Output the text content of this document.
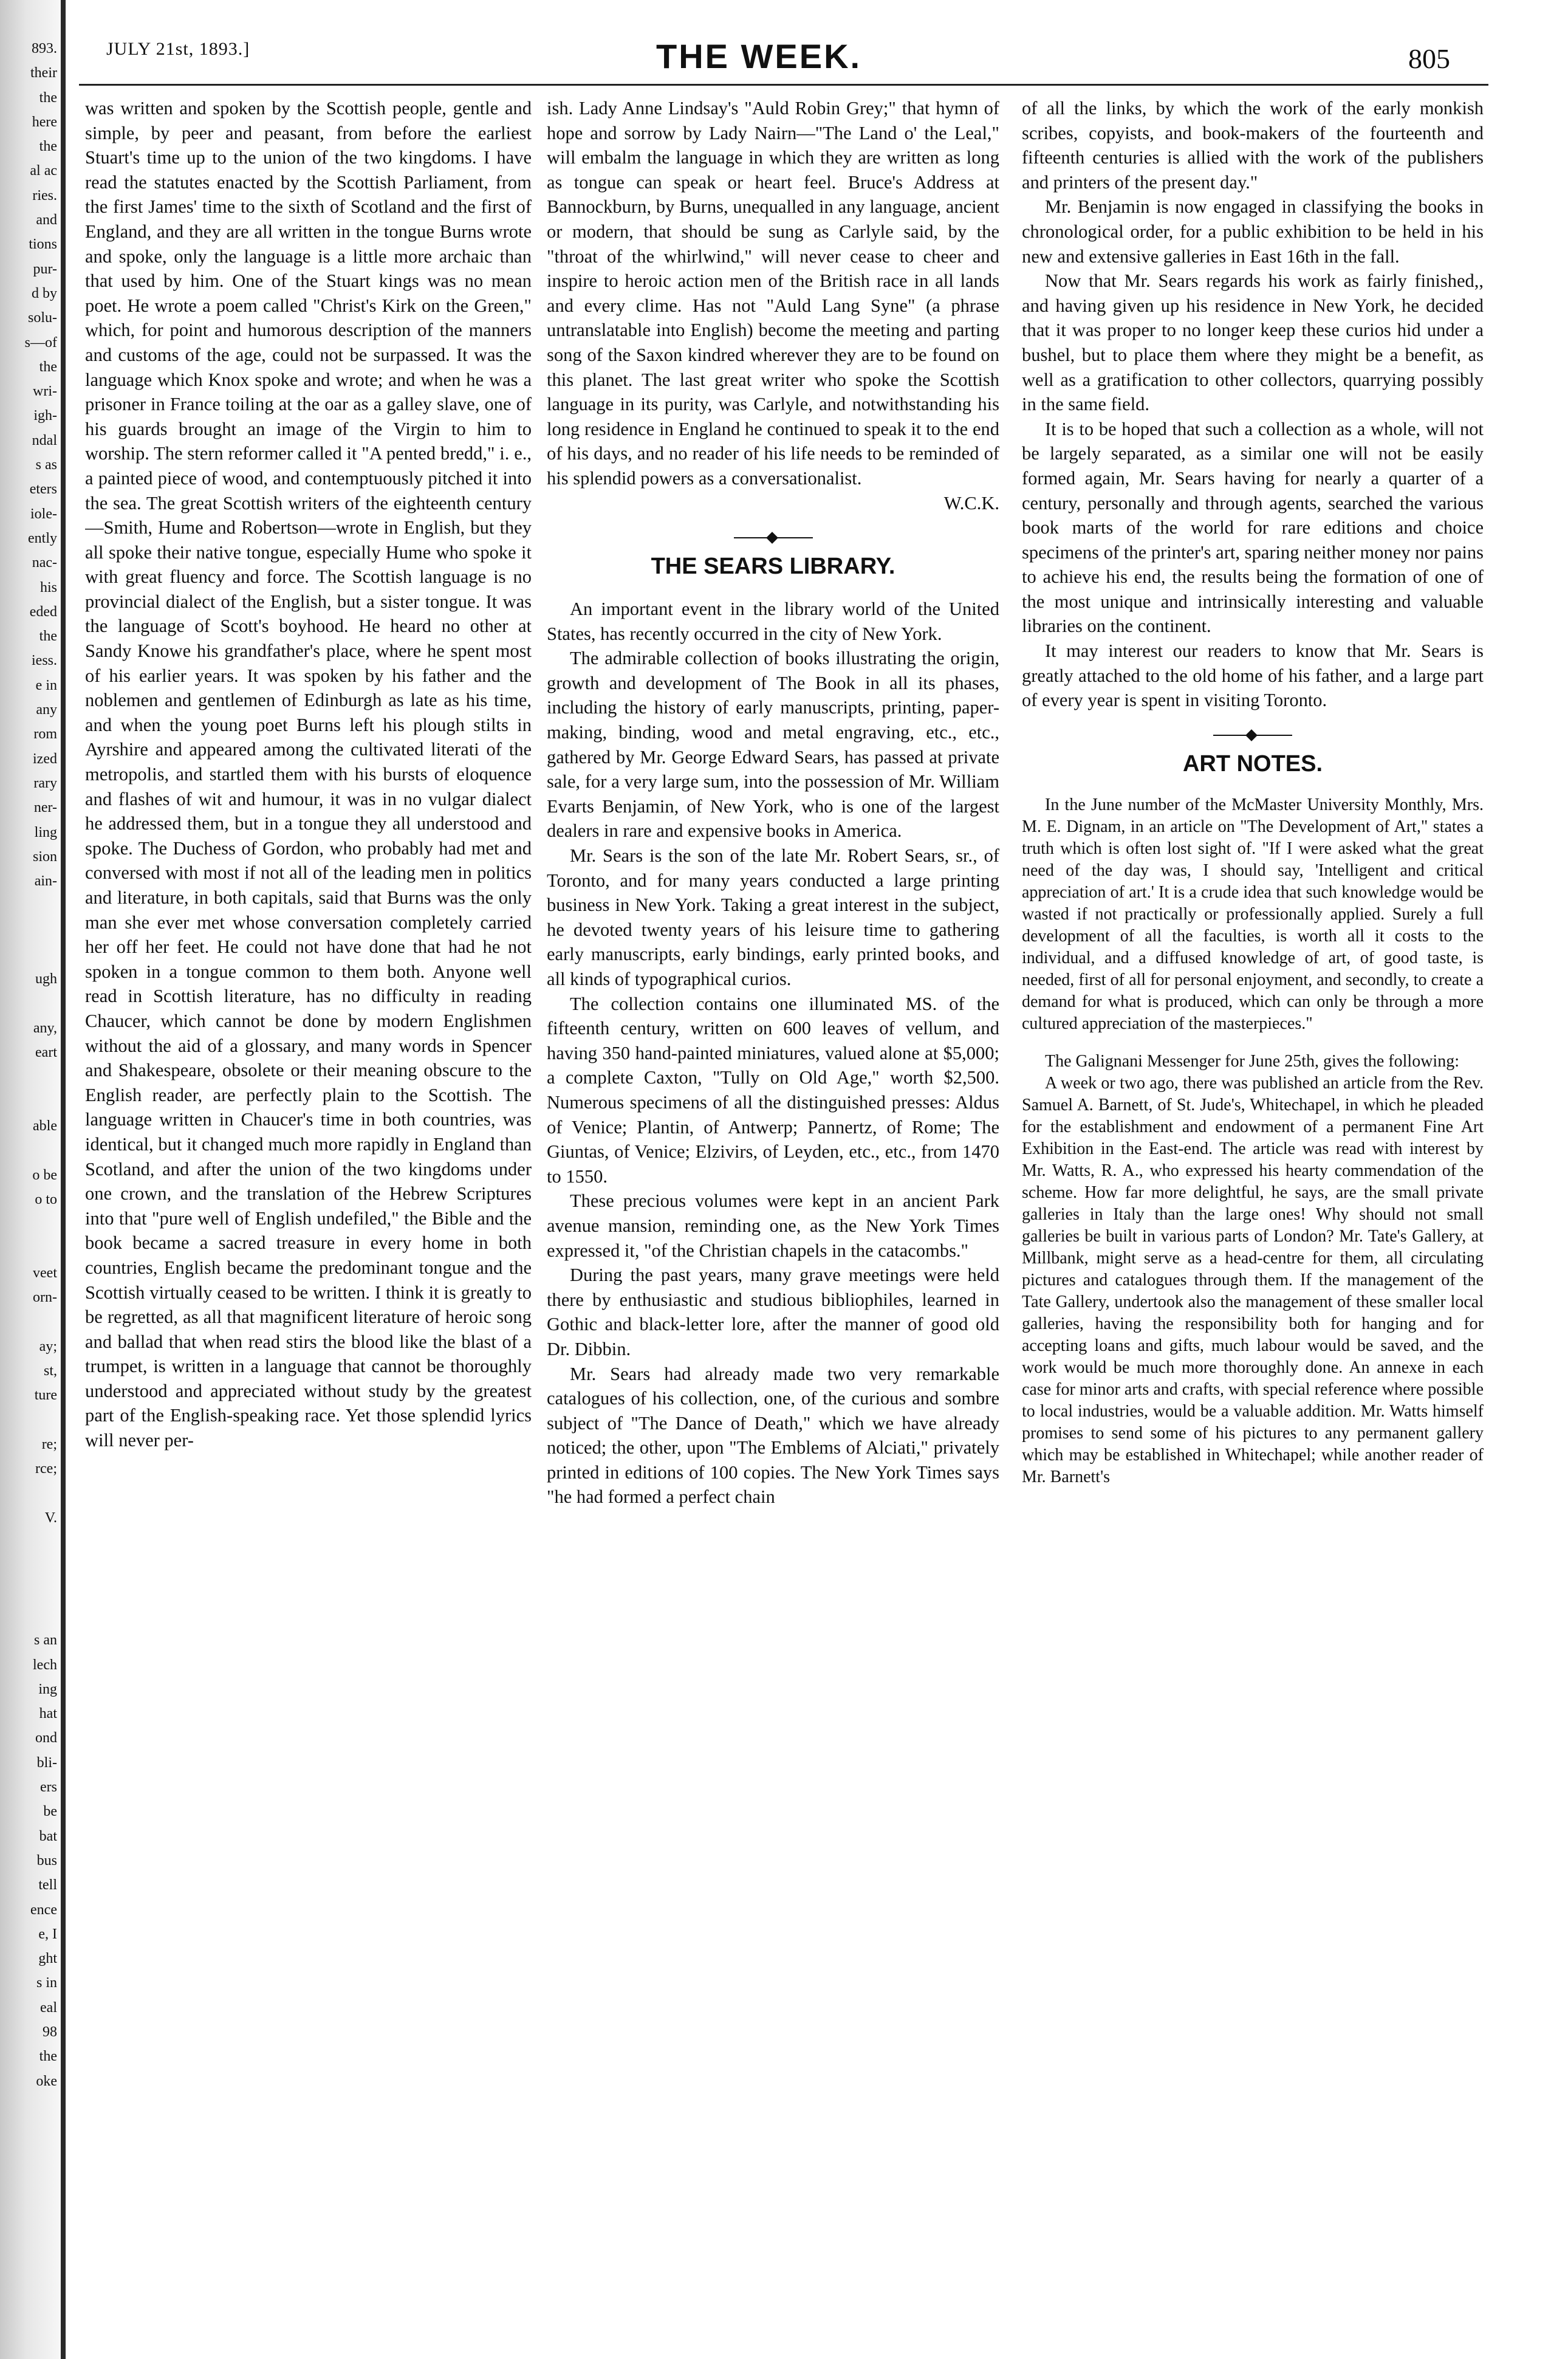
893.
their
the
here
the
al ac
ries.
and
tions
pur-
d by
solu-
s—of
the
wri-
igh-
ndal
s as
eters
iole-
ently
nac-
his
eded
the
iess.
e in
any
rom
ized
rary
ner-
ling
sion
ain-
ugh
any,
eart
able
o be
o to
veet
orn-
ay;
st,
ture
re;
rce;
V.
s an
lech
ing
hat
ond
bli-
ers
be
bat
bus
tell
ence
e, I
ght
s in
eal
98
the
oke
JULY 21st, 1893.]	THE WEEK.	805

was written and spoken by the Scottish people, gentle and simple, by peer and peasant, from before the earliest Stuart's time up to the union of the two kingdoms. I have read the statutes enacted by the Scottish Parliament, from the first James' time to the sixth of Scotland and the first of England, and they are all written in the tongue Burns wrote and spoke, only the language is a little more archaic than that used by him. One of the Stuart kings was no mean poet. He wrote a poem called "Christ's Kirk on the Green," which, for point and humorous description of the manners and customs of the age, could not be surpassed. It was the language which Knox spoke and wrote; and when he was a prisoner in France toiling at the oar as a galley slave, one of his guards brought an image of the Virgin to him to worship. The stern reformer called it "A pented bredd," i. e., a painted piece of wood, and contemptuously pitched it into the sea. The great Scottish writers of the eighteenth century—Smith, Hume and Robertson—wrote in English, but they all spoke their native tongue, especially Hume who spoke it with great fluency and force. The Scottish language is no provincial dialect of the English, but a sister tongue. It was the language of Scott's boyhood. He heard no other at Sandy Knowe his grandfather's place, where he spent most of his earlier years. It was spoken by his father and the noblemen and gentlemen of Edinburgh as late as his time, and when the young poet Burns left his plough stilts in Ayrshire and appeared among the cultivated literati of the metropolis, and startled them with his bursts of eloquence and flashes of wit and humour, it was in no vulgar dialect he addressed them, but in a tongue they all understood and spoke. The Duchess of Gordon, who probably had met and conversed with most if not all of the leading men in politics and literature, in both capitals, said that Burns was the only man she ever met whose conversation completely carried her off her feet. He could not have done that had he not spoken in a tongue common to them both. Anyone well read in Scottish literature, has no difficulty in reading Chaucer, which cannot be done by modern Englishmen without the aid of a glossary, and many words in Spencer and Shakespeare, obsolete or their meaning obscure to the English reader, are perfectly plain to the Scottish. The language written in Chaucer's time in both countries, was identical, but it changed much more rapidly in England than Scotland, and after the union of the two kingdoms under one crown, and the translation of the Hebrew Scriptures into that "pure well of English undefiled," the Bible and the book became a sacred treasure in every home in both countries, English became the predominant tongue and the Scottish virtually ceased to be written. I think it is greatly to be regretted, as all that magnificent literature of heroic song and ballad that when read stirs the blood like the blast of a trumpet, is written in a language that cannot be thoroughly understood and appreciated without study by the greatest part of the English-speaking race. Yet those splendid lyrics will never per-

ish. Lady Anne Lindsay's "Auld Robin Grey;" that hymn of hope and sorrow by Lady Nairn—"The Land o' the Leal," will embalm the language in which they are written as long as tongue can speak or heart feel. Bruce's Address at Bannockburn, by Burns, unequalled in any language, ancient or modern, that should be sung as Carlyle said, by the "throat of the whirlwind," will never cease to cheer and inspire to heroic action men of the British race in all lands and every clime. Has not "Auld Lang Syne" (a phrase untranslatable into English) become the meeting and parting song of the Saxon kindred wherever they are to be found on this planet. The last great writer who spoke the Scottish language in its purity, was Carlyle, and notwithstanding his long residence in England he continued to speak it to the end of his days, and no reader of his life needs to be reminded of his splendid powers as a conversationalist.

W.C.K.

THE SEARS LIBRARY.

An important event in the library world of the United States, has recently occurred in the city of New York.

The admirable collection of books illustrating the origin, growth and development of The Book in all its phases, including the history of early manuscripts, printing, paper-making, binding, wood and metal engraving, etc., etc., gathered by Mr. George Edward Sears, has passed at private sale, for a very large sum, into the possession of Mr. William Evarts Benjamin, of New York, who is one of the largest dealers in rare and expensive books in America.

Mr. Sears is the son of the late Mr. Robert Sears, sr., of Toronto, and for many years conducted a large printing business in New York. Taking a great interest in the subject, he devoted twenty years of his leisure time to gathering early manuscripts, early bindings, early printed books, and all kinds of typographical curios.

The collection contains one illuminated MS. of the fifteenth century, written on 600 leaves of vellum, and having 350 hand-painted miniatures, valued alone at $5,000; a complete Caxton, "Tully on Old Age," worth $2,500. Numerous specimens of all the distinguished presses: Aldus of Venice; Plantin, of Antwerp; Pannertz, of Rome; The Giuntas, of Venice; Elzivirs, of Leyden, etc., etc., from 1470 to 1550.

These precious volumes were kept in an ancient Park avenue mansion, reminding one, as the New York Times expressed it, "of the Christian chapels in the catacombs."

During the past years, many grave meetings were held there by enthusiastic and studious bibliophiles, learned in Gothic and black-letter lore, after the manner of good old Dr. Dibbin.

Mr. Sears had already made two very remarkable catalogues of his collection, one, of the curious and sombre subject of "The Dance of Death," which we have already noticed; the other, upon "The Emblems of Alciati," privately printed in editions of 100 copies. The New York Times says "he had formed a perfect chain

of all the links, by which the work of the early monkish scribes, copyists, and book-makers of the fourteenth and fifteenth centuries is allied with the work of the publishers and printers of the present day."

Mr. Benjamin is now engaged in classifying the books in chronological order, for a public exhibition to be held in his new and extensive galleries in East 16th in the fall.

Now that Mr. Sears regards his work as fairly finished,, and having given up his residence in New York, he decided that it was proper to no longer keep these curios hid under a bushel, but to place them where they might be a benefit, as well as a gratification to other collectors, quarrying possibly in the same field.

It is to be hoped that such a collection as a whole, will not be largely separated, as a similar one will not be easily formed again, Mr. Sears having for nearly a quarter of a century, personally and through agents, searched the various book marts of the world for rare editions and choice specimens of the printer's art, sparing neither money nor pains to achieve his end, the results being the formation of one of the most unique and intrinsically interesting and valuable libraries on the continent.

It may interest our readers to know that Mr. Sears is greatly attached to the old home of his father, and a large part of every year is spent in visiting Toronto.

ART NOTES.

In the June number of the McMaster University Monthly, Mrs. M. E. Dignam, in an article on "The Development of Art," states a truth which is often lost sight of. "If I were asked what the great need of the day was, I should say, 'Intelligent and critical appreciation of art.' It is a crude idea that such knowledge would be wasted if not practically or professionally applied. Surely a full development of all the faculties, is worth all it costs to the individual, and a diffused knowledge of art, of good taste, is needed, first of all for personal enjoyment, and secondly, to create a demand for what is produced, which can only be through a more cultured appreciation of the masterpieces."

The Galignani Messenger for June 25th, gives the following:

A week or two ago, there was published an article from the Rev. Samuel A. Barnett, of St. Jude's, Whitechapel, in which he pleaded for the establishment and endowment of a permanent Fine Art Exhibition in the East-end. The article was read with interest by Mr. Watts, R. A., who expressed his hearty commendation of the scheme. How far more delightful, he says, are the small private galleries in Italy than the large ones! Why should not small galleries be built in various parts of London? Mr. Tate's Gallery, at Millbank, might serve as a head-centre for them, all circulating pictures and catalogues through them. If the management of the Tate Gallery, undertook also the management of these smaller local galleries, having the responsibility both for hanging and for accepting loans and gifts, much labour would be saved, and the work would be much more thoroughly done. An annexe in each case for minor arts and crafts, with special reference where possible to local industries, would be a valuable addition. Mr. Watts himself promises to send some of his pictures to any permanent gallery which may be established in Whitechapel; while another reader of Mr. Barnett's
